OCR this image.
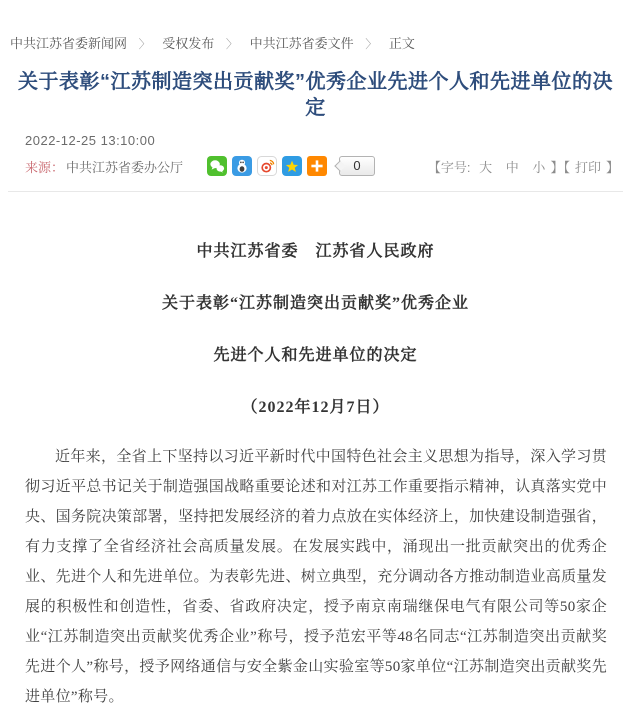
中共江苏省委新闻网 〉 受权发布 〉 中共江苏省委文件 〉 正文
关于表彰“江苏制造突出贡献奖”优秀企业先进个人和先进单位的决定
2022-12-25 13:10:00
来源： 中共江苏省委办公厅	0	【字号: 大 中 小 】【 打印 】

中共江苏省委　江苏省人民政府

关于表彰“江苏制造突出贡献奖”优秀企业

先进个人和先进单位的决定

（2022年12月7日）

近年来，全省上下坚持以习近平新时代中国特色社会主义思想为指导，深入学习贯彻习近平总书记关于制造强国战略重要论述和对江苏工作重要指示精神，认真落实党中央、国务院决策部署，坚持把发展经济的着力点放在实体经济上，加快建设制造强省，有力支撑了全省经济社会高质量发展。在发展实践中，涌现出一批贡献突出的优秀企业、先进个人和先进单位。为表彰先进、树立典型，充分调动各方推动制造业高质量发展的积极性和创造性，省委、省政府决定，授予南京南瑞继保电气有限公司等50家企业“江苏制造突出贡献奖优秀企业”称号，授予范宏平等48名同志“江苏制造突出贡献奖先进个人”称号，授予网络通信与安全紫金山实验室等50家单位“江苏制造突出贡献奖先进单位”称号。
